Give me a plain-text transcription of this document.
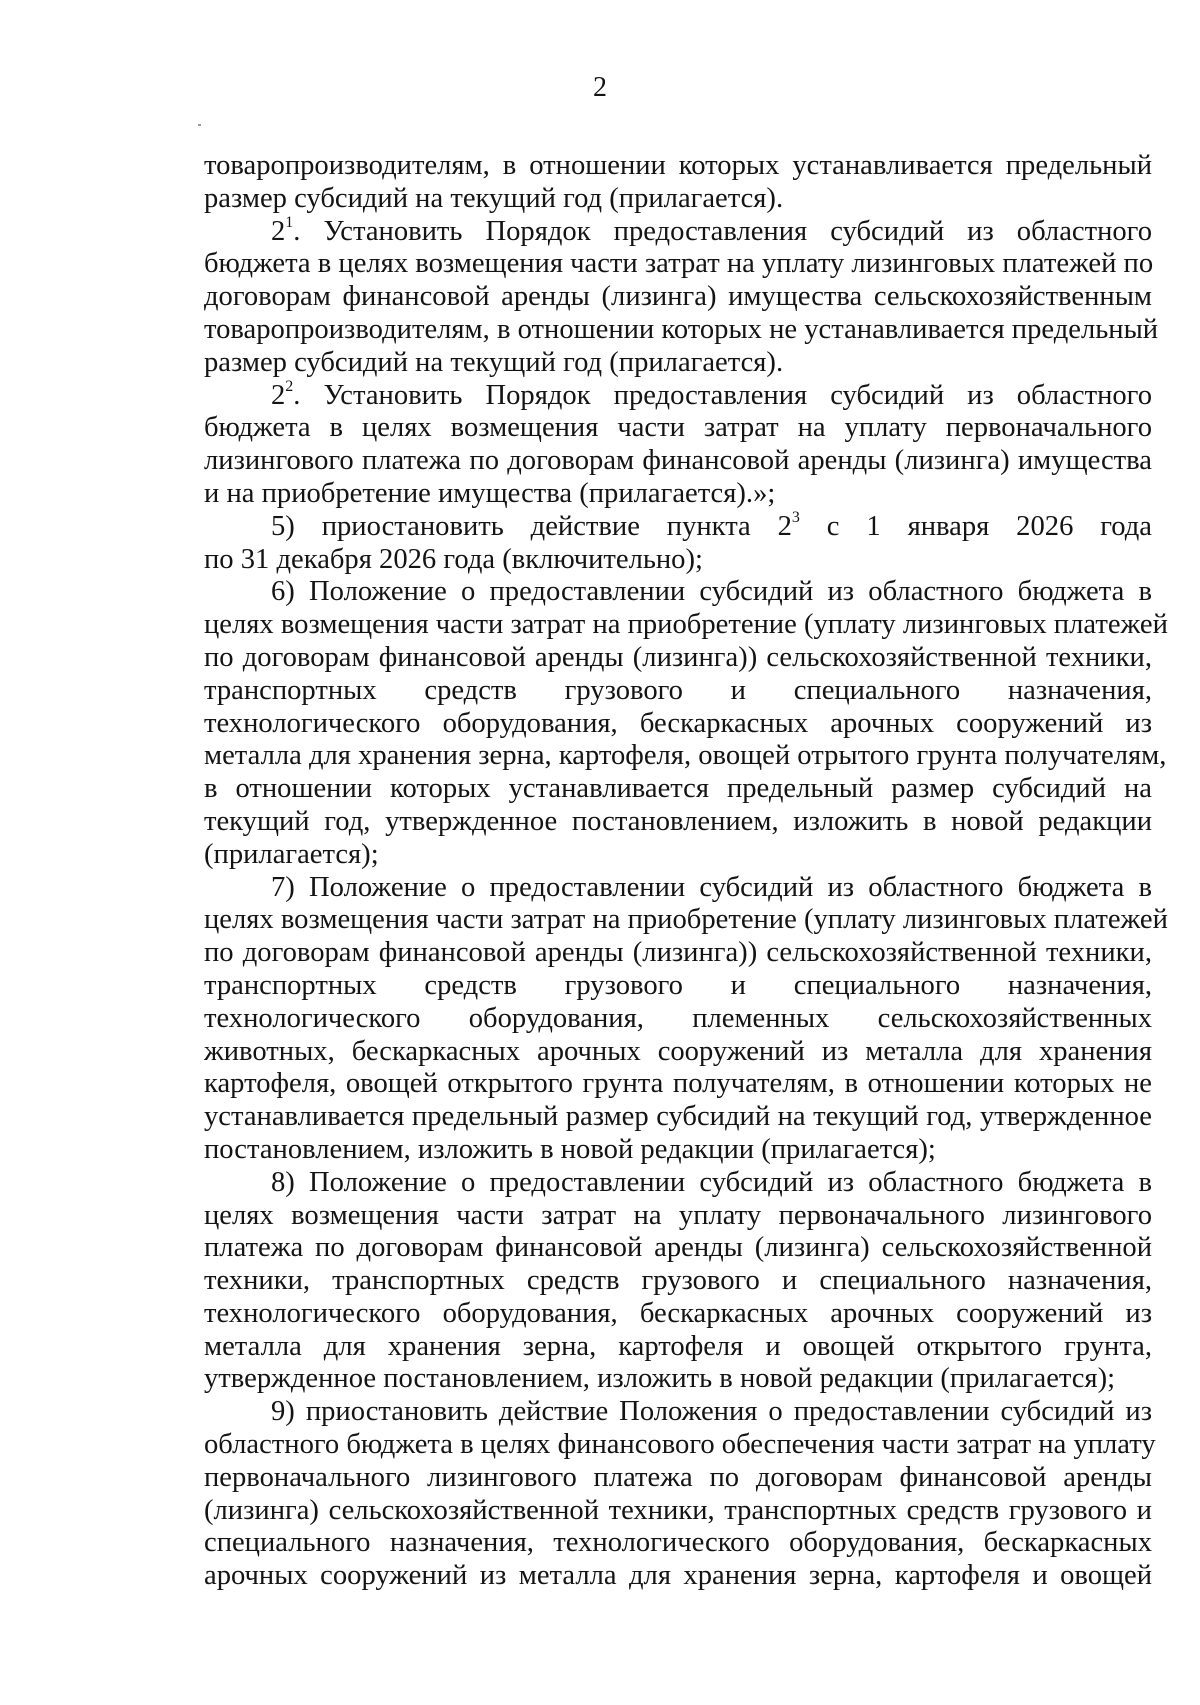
2
товаропроизводителям, в отношении которых устанавливается предельный
размер субсидий на текущий год (прилагается).
$2^1$. Установить Порядок предоставления субсидий из областного
бюджета в целях возмещения части затрат на уплату лизинговых платежей по
договорам финансовой аренды (лизинга) имущества сельскохозяйственным
товаропроизводителям, в отношении которых не устанавливается предельный
размер субсидий на текущий год (прилагается).
$2^2$. Установить Порядок предоставления субсидий из областного
бюджета в целях возмещения части затрат на уплату первоначального
лизингового платежа по договорам финансовой аренды (лизинга) имущества
и на приобретение имущества (прилагается).»;
5) приостановить действие пункта $2^3$ с 1 января 2026 года
по 31 декабря 2026 года (включительно);
6) Положение о предоставлении субсидий из областного бюджета в
целях возмещения части затрат на приобретение (уплату лизинговых платежей
по договорам финансовой аренды (лизинга)) сельскохозяйственной техники,
транспортных средств грузового и специального назначения,
технологического оборудования, бескаркасных арочных сооружений из
металла для хранения зерна, картофеля, овощей отрытого грунта получателям,
в отношении которых устанавливается предельный размер субсидий на
текущий год, утвержденное постановлением, изложить в новой редакции
(прилагается);
7) Положение о предоставлении субсидий из областного бюджета в
целях возмещения части затрат на приобретение (уплату лизинговых платежей
по договорам финансовой аренды (лизинга)) сельскохозяйственной техники,
транспортных средств грузового и специального назначения,
технологического оборудования, племенных сельскохозяйственных
животных, бескаркасных арочных сооружений из металла для хранения
картофеля, овощей открытого грунта получателям, в отношении которых не
устанавливается предельный размер субсидий на текущий год, утвержденное
постановлением, изложить в новой редакции (прилагается);
8) Положение о предоставлении субсидий из областного бюджета в
целях возмещения части затрат на уплату первоначального лизингового
платежа по договорам финансовой аренды (лизинга) сельскохозяйственной
техники, транспортных средств грузового и специального назначения,
технологического оборудования, бескаркасных арочных сооружений из
металла для хранения зерна, картофеля и овощей открытого грунта,
утвержденное постановлением, изложить в новой редакции (прилагается);
9) приостановить действие Положения о предоставлении субсидий из
областного бюджета в целях финансового обеспечения части затрат на уплату
первоначального лизингового платежа по договорам финансовой аренды
(лизинга) сельскохозяйственной техники, транспортных средств грузового и
специального назначения, технологического оборудования, бескаркасных
арочных сооружений из металла для хранения зерна, картофеля и овощей
